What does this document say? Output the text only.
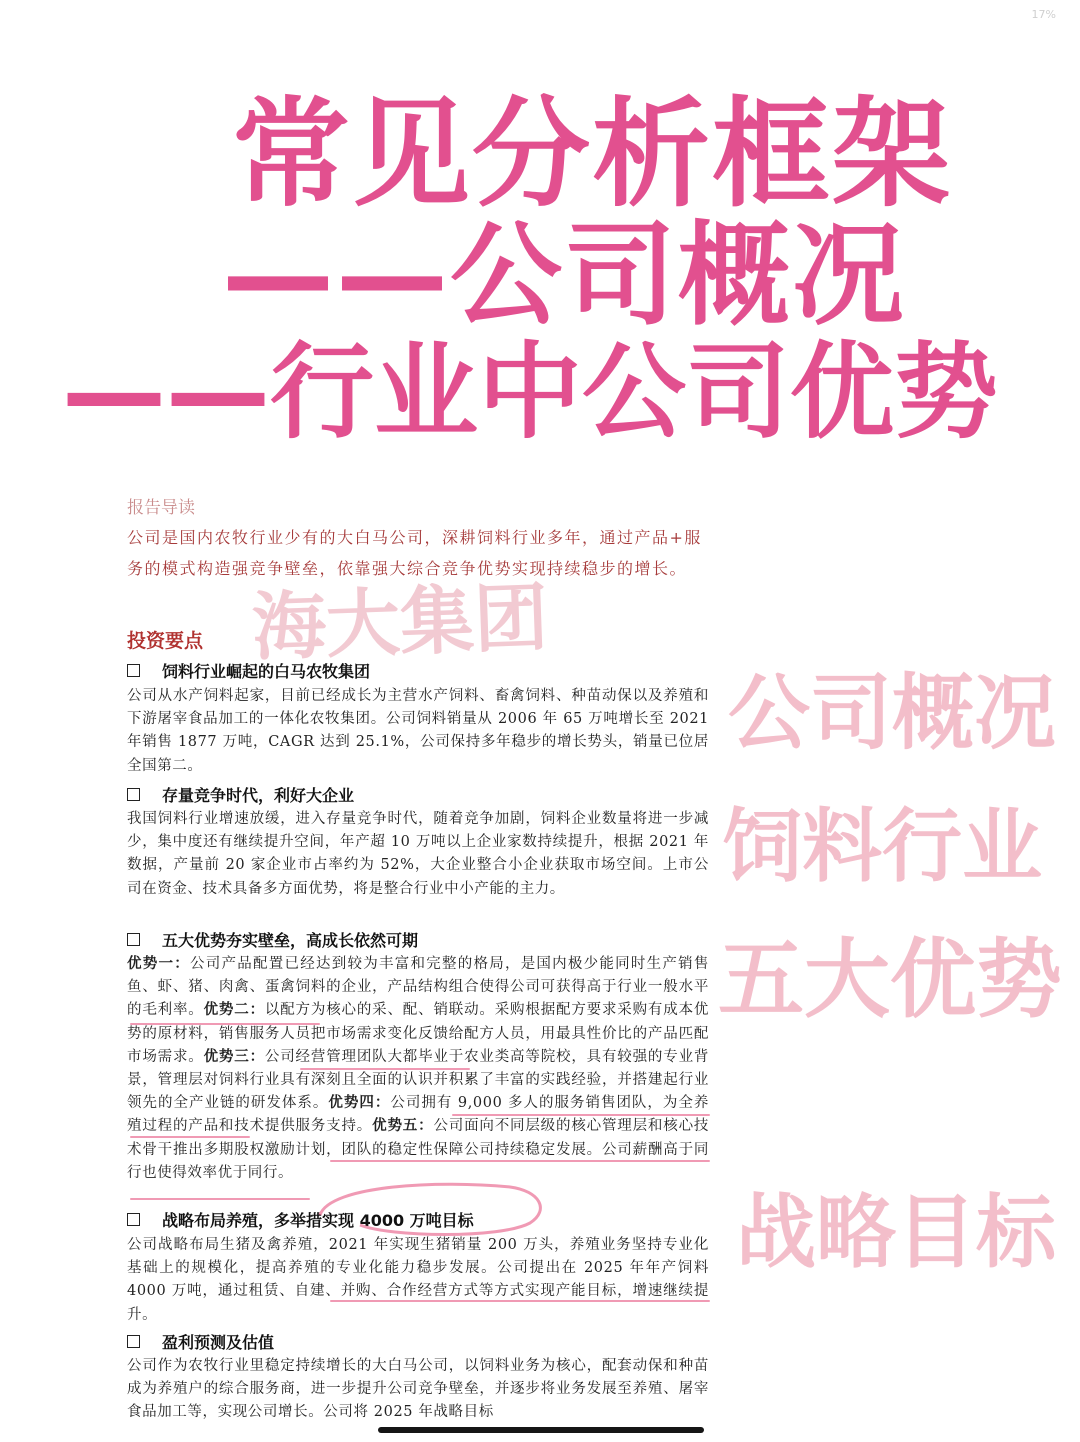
17%
常见分析框架
——公司概况
——行业中公司优势
报告导读
公司是国内农牧行业少有的大白马公司，深耕饲料行业多年，通过产品+服务的模式构造强竞争壁垒，依靠强大综合竞争优势实现持续稳步的增长。
海大集团
投资要点
饲料行业崛起的白马农牧集团
公司从水产饲料起家，目前已经成长为主营水产饲料、畜禽饲料、种苗动保以及养殖和下游屠宰食品加工的一体化农牧集团。公司饲料销量从 2006 年 65 万吨增长至 2021 年销售 1877 万吨，CAGR 达到 25.1%，公司保持多年稳步的增长势头，销量已位居全国第二。
存量竞争时代，利好大企业
我国饲料行业增速放缓，进入存量竞争时代，随着竞争加剧，饲料企业数量将进一步减少，集中度还有继续提升空间，年产超 10 万吨以上企业家数持续提升，根据 2021 年数据，产量前 20 家企业市占率约为 52%，大企业整合小企业获取市场空间。上市公司在资金、技术具备多方面优势，将是整合行业中小产能的主力。
五大优势夯实壁垒，高成长依然可期
优势一：公司产品配置已经达到较为丰富和完整的格局，是国内极少能同时生产销售鱼、虾、猪、肉禽、蛋禽饲料的企业，产品结构组合使得公司可获得高于行业一般水平的毛利率。优势二：以配方为核心的采、配、销联动。采购根据配方要求采购有成本优势的原材料，销售服务人员把市场需求变化反馈给配方人员，用最具性价比的产品匹配市场需求。优势三：公司经营管理团队大都毕业于农业类高等院校，具有较强的专业背景，管理层对饲料行业具有深刻且全面的认识并积累了丰富的实践经验，并搭建起行业领先的全产业链的研发体系。优势四：公司拥有 9,000 多人的服务销售团队，为全养殖过程的产品和技术提供服务支持。优势五：公司面向不同层级的核心管理层和核心技术骨干推出多期股权激励计划，团队的稳定性保障公司持续稳定发展。公司薪酬高于同行也使得效率优于同行。
战略布局养殖，多举措实现 4000 万吨目标
公司战略布局生猪及禽养殖，2021 年实现生猪销量 200 万头，养殖业务坚持专业化基础上的规模化，提高养殖的专业化能力稳步发展。公司提出在 2025 年年产饲料 4000 万吨，通过租赁、自建、并购、合作经营方式等方式实现产能目标，增速继续提升。
盈利预测及估值
公司作为农牧行业里稳定持续增长的大白马公司，以饲料业务为核心，配套动保和种苗成为养殖户的综合服务商，进一步提升公司竞争壁垒，并逐步将业务发展至养殖、屠宰食品加工等，实现公司增长。公司将 2025 年战略目标
公司概况
饲料行业
五大优势
战略目标
